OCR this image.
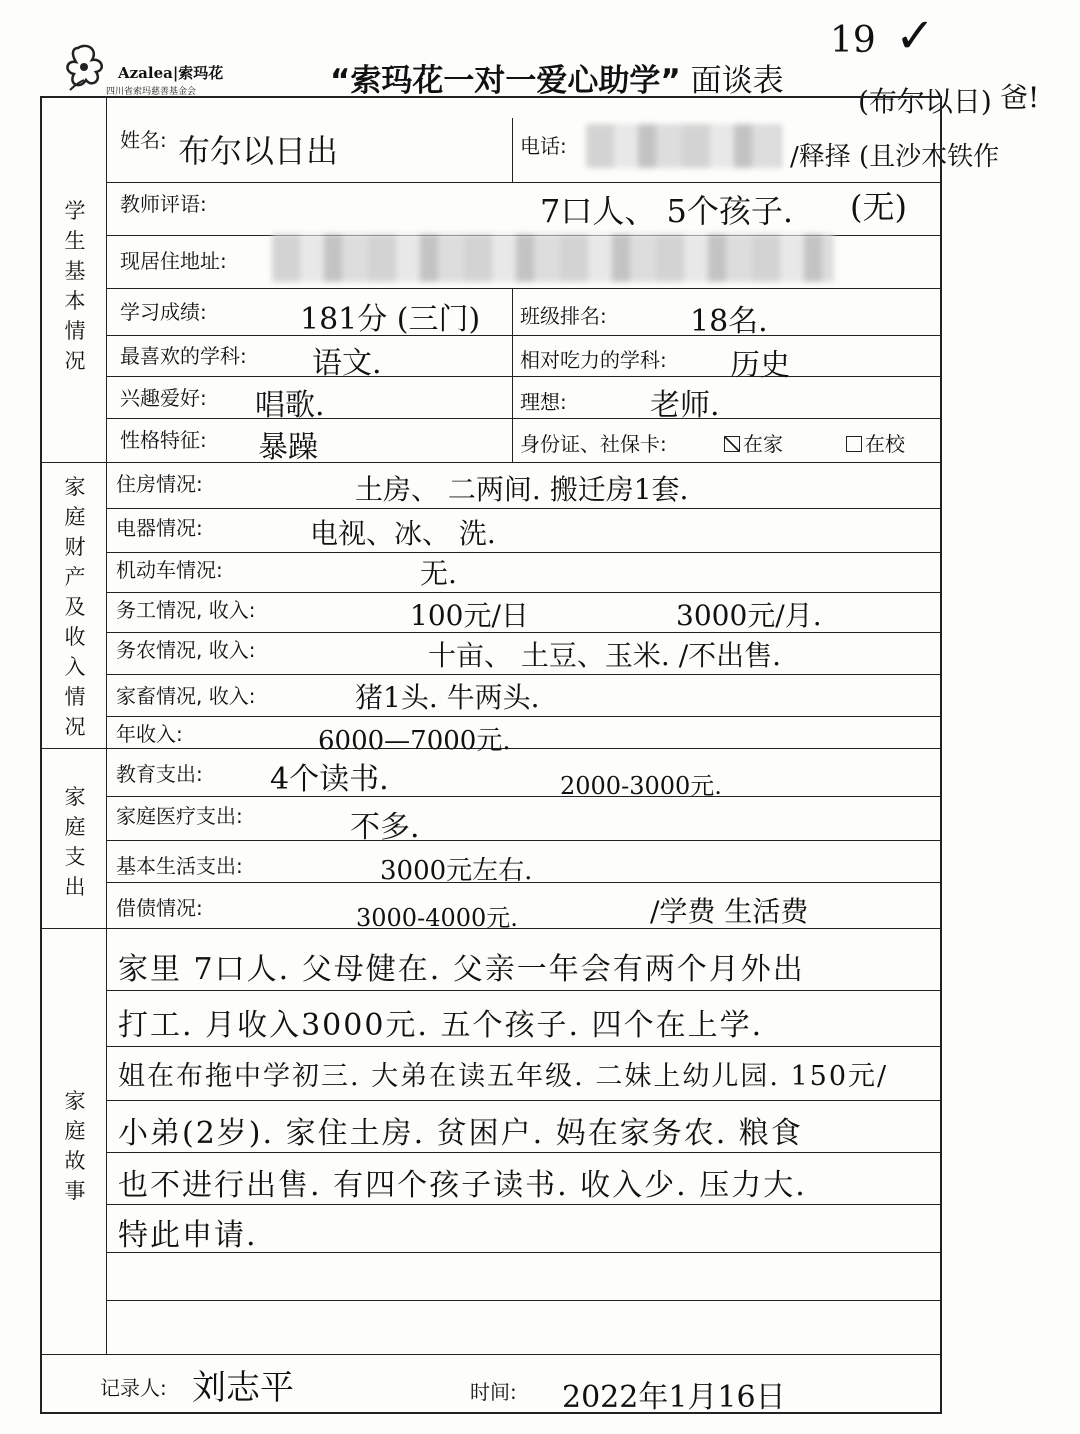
Azalea|索玛花
四川省索玛慈善基金会	“索玛花一对一爱心助学” 面谈表
19 ✓
(布尔以日) 爸!
/释择 (且沙木铁作
学生基本情况
家庭财产及收入情况
家庭支出
家庭故事
姓名: 布尔以日出	电话:
教师评语:	7口人、 5个孩子. (无)
现居住地址:
学习成绩:	181分 (三门) 班级排名:	18名.
最喜欢的学科: 语文.	相对吃力的学科: 历史
兴趣爱好: 唱歌.	理想:	老师.
性格特征: 暴躁	身份证、社保卡:	在家	在校
住房情况:	土房、 二两间. 搬迁房1套.
电器情况:	电视、冰、 洗.
机动车情况:	无.
务工情况, 收入:	100元/日	3000元/月.
务农情况, 收入:	十亩、 土豆、玉米. /不出售.
家畜情况, 收入:	猪1头. 牛两头.
年收入:	6000—7000元.
教育支出: 4个读书.	2000-3000元.
家庭医疗支出:	不多.
基本生活支出:	3000元左右.
借债情况:	3000-4000元.	/学费 生活费
家里 7口人. 父母健在. 父亲一年会有两个月外出
打工. 月收入3000元. 五个孩子. 四个在上学.
姐在布拖中学初三. 大弟在读五年级. 二妹上幼儿园. 150元/
小弟(2岁). 家住土房. 贫困户. 妈在家务农. 粮食
也不进行出售. 有四个孩子读书. 收入少. 压力大.
特此申请.
记录人: 刘志平	时间: 2022年1月16日
